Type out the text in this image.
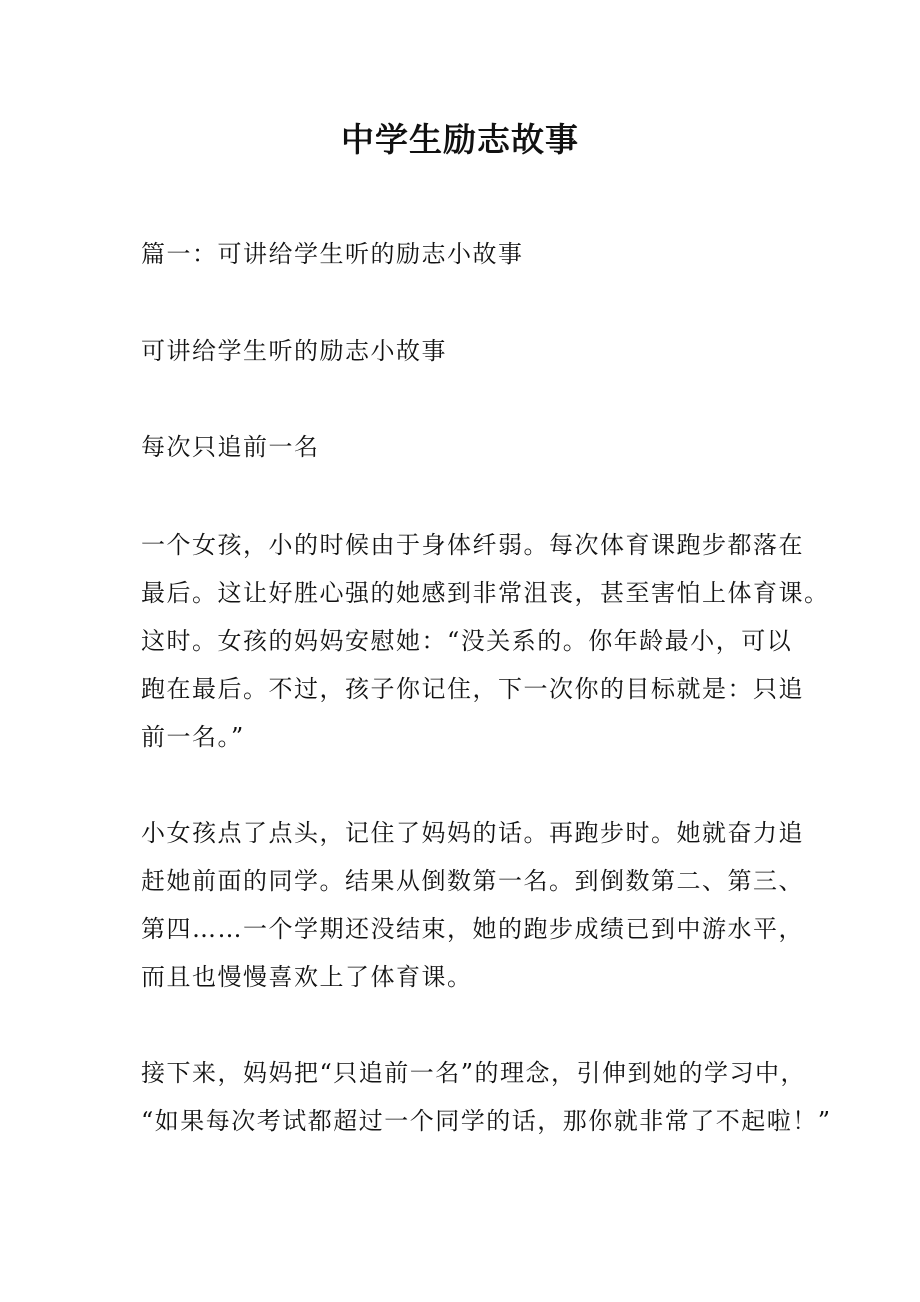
中学生励志故事
篇一：可讲给学生听的励志小故事
可讲给学生听的励志小故事
每次只追前一名
一个女孩，小的时候由于身体纤弱。每次体育课跑步都落在
最后。这让好胜心强的她感到非常沮丧，甚至害怕上体育课。
这时。女孩的妈妈安慰她：“没关系的。你年龄最小，可以
跑在最后。不过，孩子你记住，下一次你的目标就是：只追
前一名。”
小女孩点了点头，记住了妈妈的话。再跑步时。她就奋力追
赶她前面的同学。结果从倒数第一名。到倒数第二、第三、
第四……一个学期还没结束，她的跑步成绩已到中游水平，
而且也慢慢喜欢上了体育课。
接下来，妈妈把“只追前一名”的理念，引伸到她的学习中，
“如果每次考试都超过一个同学的话，那你就非常了不起啦！”
